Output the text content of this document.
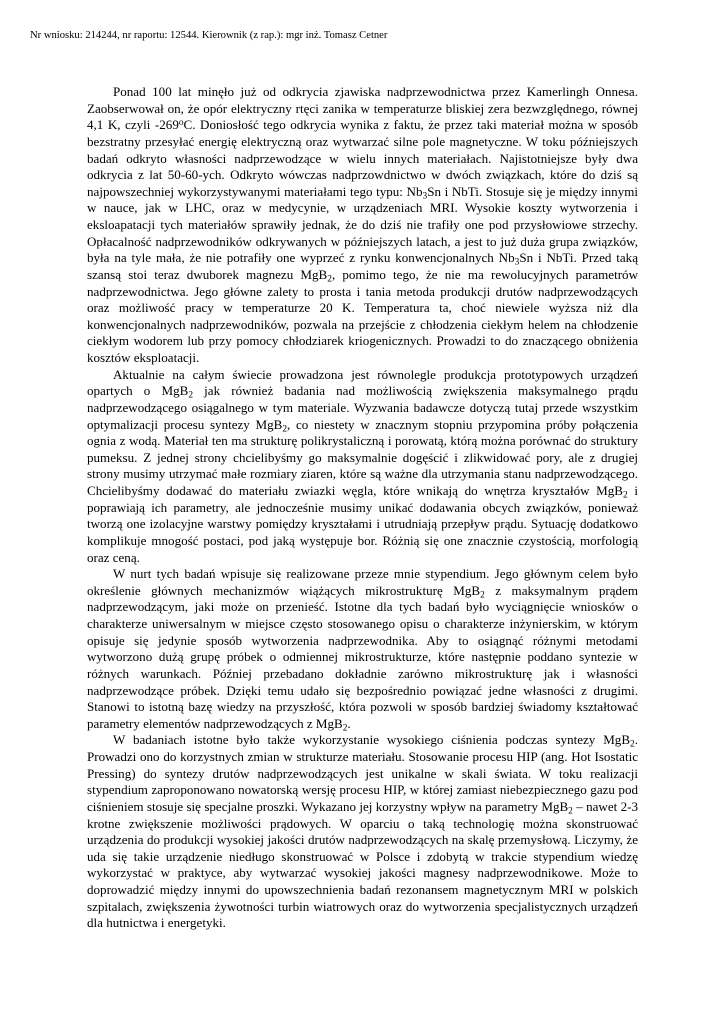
Nr wniosku: 214244, nr raportu: 12544. Kierownik (z rap.): mgr inż. Tomasz Cetner

Ponad 100 lat minęło już od odkrycia zjawiska nadprzewodnictwa przez Kamerlingh Onnesa. Zaobserwował on, że opór elektryczny rtęci zanika w temperaturze bliskiej zera bezwzględnego, równej 4,1 K, czyli -269$^o$C. Doniosłość tego odkrycia wynika z faktu, że przez taki materiał można w sposób bezstratny przesyłać energię elektryczną oraz wytwarzać silne pole magnetyczne. W toku późniejszych badań odkryto własności nadprzewodzące w wielu innych materiałach. Najistotniejsze były dwa odkrycia z lat 50-60-ych. Odkryto wówczas nadprzowdnictwo w dwóch związkach, które do dziś są najpowszechniej wykorzystywanymi materiałami tego typu: $Nb_3Sn$ i NbTi. Stosuje się je między innymi w nauce, jak w LHC, oraz w medycynie, w urządzeniach MRI. Wysokie koszty wytworzenia i eksloapatacji tych materiałów sprawiły jednak, że do dziś nie trafiły one pod przysłowiowe strzechy. Opłacalność nadprzewodników odkrywanych w późniejszych latach, a jest to już duża grupa związków, była na tyle mała, że nie potrafiły one wyprzeć z rynku konwencjonalnych $Nb_3Sn$ i NbTi. Przed taką szansą stoi teraz dwuborek magnezu MgB$_2$, pomimo tego, że nie ma rewolucyjnych parametrów nadprzewodnictwa. Jego główne zalety to prosta i tania metoda produkcji drutów nadprzewodzących oraz możliwość pracy w temperaturze 20 K. Temperatura ta, choć niewiele wyższa niż dla konwencjonalnych nadprzewodników, pozwala na przejście z chłodzenia ciekłym helem na chłodzenie ciekłym wodorem lub przy pomocy chłodziarek kriogenicznych. Prowadzi to do znaczącego obniżenia kosztów eksploatacji.

Aktualnie na całym świecie prowadzona jest równolegle produkcja prototypowych urządzeń opartych o MgB$_2$ jak również badania nad możliwością zwiększenia maksymalnego prądu nadprzewodzącego osiągalnego w tym materiale. Wyzwania badawcze dotyczą tutaj przede wszystkim optymalizacji procesu syntezy MgB$_2$, co niestety w znacznym stopniu przypomina próby połączenia ognia z wodą. Materiał ten ma strukturę polikrystaliczną i porowatą, którą można porównać do struktury pumeksu. Z jednej strony chcielibyśmy go maksymalnie dogęścić i zlikwidować pory, ale z drugiej strony musimy utrzymać małe rozmiary ziaren, które są ważne dla utrzymania stanu nadprzewodzącego. Chcielibyśmy dodawać do materiału zwiazki węgla, które wnikają do wnętrza kryształów MgB$_2$ i poprawiają ich parametry, ale jednocześnie musimy unikać dodawania obcych związków, ponieważ tworzą one izolacyjne warstwy pomiędzy kryształami i utrudniają przepływ prądu. Sytuację dodatkowo komplikuje mnogość postaci, pod jaką występuje bor. Różnią się one znacznie czystością, morfologią oraz ceną.

W nurt tych badań wpisuje się realizowane przeze mnie stypendium. Jego głównym celem było określenie głównych mechanizmów wiążących mikrostrukturę MgB$_2$ z maksymalnym prądem nadprzewodzącym, jaki może on przenieść. Istotne dla tych badań było wyciągnięcie wniosków o charakterze uniwersalnym w miejsce często stosowanego opisu o charakterze inżynierskim, w którym opisuje się jedynie sposób wytworzenia nadprzewodnika. Aby to osiągnąć różnymi metodami wytworzono dużą grupę próbek o odmiennej mikrostrukturze, które następnie poddano syntezie w różnych warunkach. Później przebadano dokładnie zarówno mikrostrukturę jak i własności nadprzewodzące próbek. Dzięki temu udało się bezpośrednio powiązać jedne własności z drugimi. Stanowi to istotną bazę wiedzy na przyszłość, która pozwoli w sposób bardziej świadomy kształtować parametry elementów nadprzewodzących z MgB$_2$.

W badaniach istotne było także wykorzystanie wysokiego ciśnienia podczas syntezy MgB$_2$. Prowadzi ono do korzystnych zmian w strukturze materiału. Stosowanie procesu HIP (ang. Hot Isostatic Pressing) do syntezy drutów nadprzewodzących jest unikalne w skali świata. W toku realizacji stypendium zaproponowano nowatorską wersję procesu HIP, w której zamiast niebezpiecznego gazu pod ciśnieniem stosuje się specjalne proszki. Wykazano jej korzystny wpływ na parametry MgB$_2$ – nawet 2-3 krotne zwiększenie możliwości prądowych. W oparciu o taką technologię można skonstruować urządzenia do produkcji wysokiej jakości drutów nadprzewodzących na skalę przemysłową. Liczymy, że uda się takie urządzenie niedługo skonstruować w Polsce i zdobytą w trakcie stypendium wiedzę wykorzystać w praktyce, aby wytwarzać wysokiej jakości magnesy nadprzewodnikowe. Może to doprowadzić między innymi do upowszechnienia badań rezonansem magnetycznym MRI w polskich szpitalach, zwiększenia żywotności turbin wiatrowych oraz do wytworzenia specjalistycznych urządzeń dla hutnictwa i energetyki.
